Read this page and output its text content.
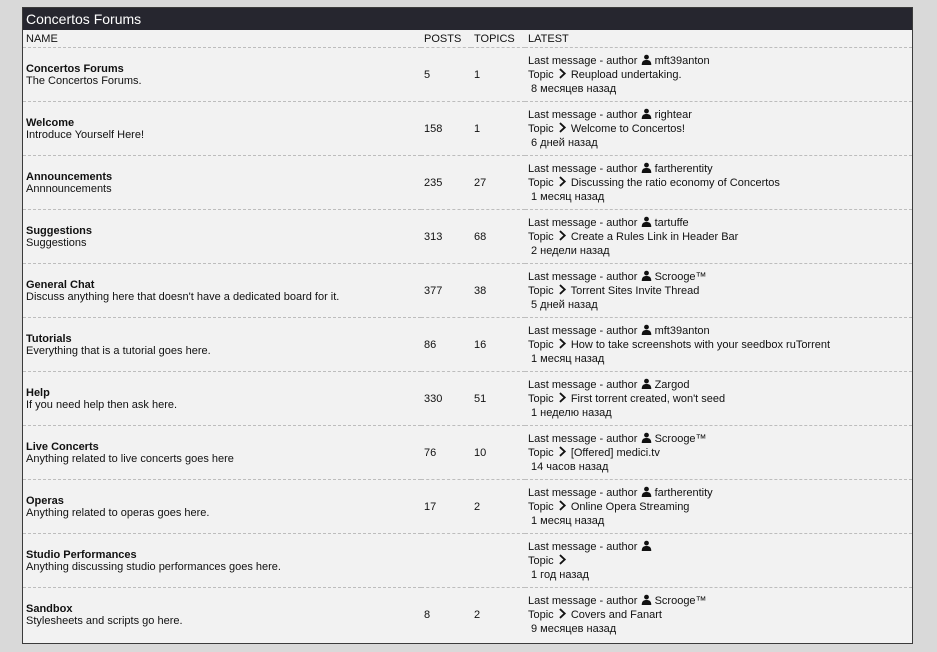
Concertos Forums
NAME	POSTS	TOPICS	LATEST

Concertos Forums
The Concertos Forums.	5	1	Last message - author mft39anton
Topic Reupload undertaking.
8 месяцев назад

Welcome
Introduce Yourself Here!	158	1	Last message - author rightear
Topic Welcome to Concertos!
6 дней назад

Announcements
Annnouncements	235	27	Last message - author fartherentity
Topic Discussing the ratio economy of Concertos
1 месяц назад

Suggestions
Suggestions	313	68	Last message - author tartuffe
Topic Create a Rules Link in Header Bar
2 недели назад

General Chat
Discuss anything here that doesn't have a dedicated board for it.	377	38	Last message - author Scrooge™
Topic Torrent Sites Invite Thread
5 дней назад

Tutorials
Everything that is a tutorial goes here.	86	16	Last message - author mft39anton
Topic How to take screenshots with your seedbox ruTorrent
1 месяц назад

Help
If you need help then ask here.	330	51	Last message - author Zargod
Topic First torrent created, won't seed
1 неделю назад

Live Concerts
Anything related to live concerts goes here	76	10	Last message - author Scrooge™
Topic [Offered] medici.tv
14 часов назад

Operas
Anything related to operas goes here.	17	2	Last message - author fartherentity
Topic Online Opera Streaming
1 месяц назад

Studio Performances
Anything discussing studio performances goes here.			Last message - author
Topic
1 год назад

Sandbox
Stylesheets and scripts go here.	8	2	Last message - author Scrooge™
Topic Covers and Fanart
9 месяцев назад
